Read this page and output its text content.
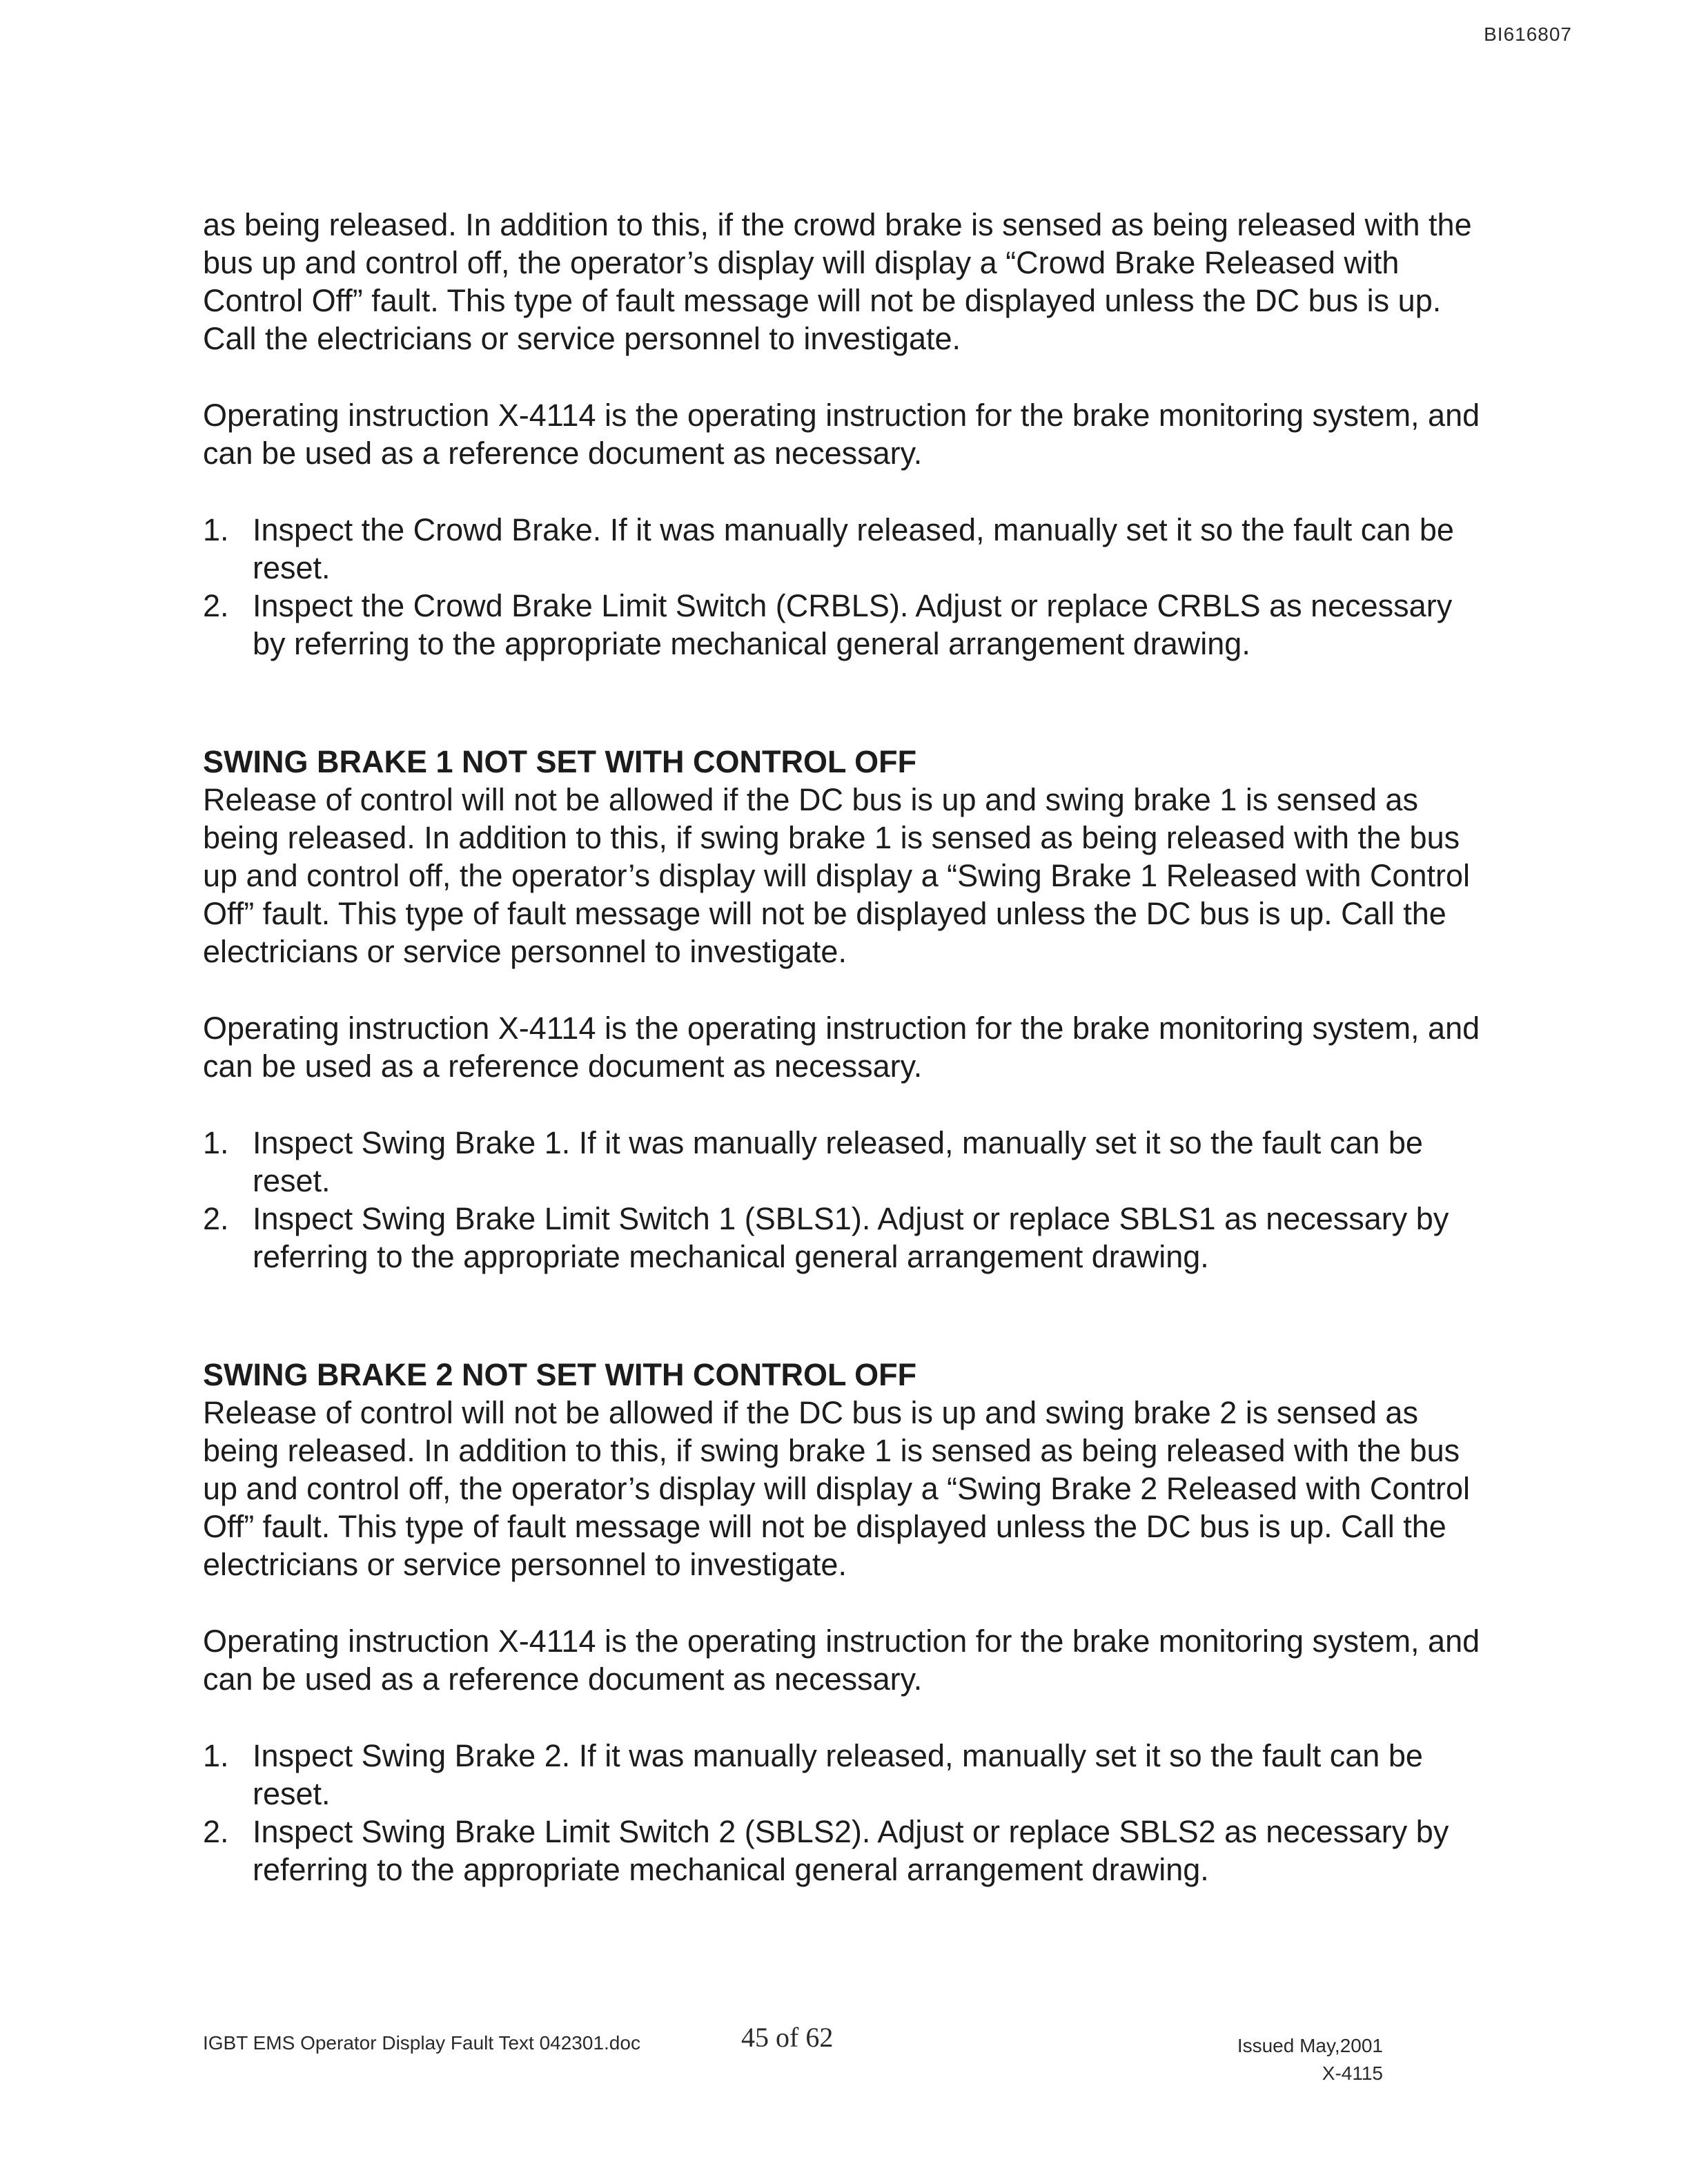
BI616807

as being released. In addition to this, if the crowd brake is sensed as being released with the bus up and control off, the operator’s display will display a “Crowd Brake Released with Control Off” fault. This type of fault message will not be displayed unless the DC bus is up. Call the electricians or service personnel to investigate.

Operating instruction X-4114 is the operating instruction for the brake monitoring system, and can be used as a reference document as necessary.

1. Inspect the Crowd Brake. If it was manually released, manually set it so the fault can be reset.
2. Inspect the Crowd Brake Limit Switch (CRBLS). Adjust or replace CRBLS as necessary by referring to the appropriate mechanical general arrangement drawing.
SWING BRAKE 1 NOT SET WITH CONTROL OFF

Release of control will not be allowed if the DC bus is up and swing brake 1 is sensed as being released. In addition to this, if swing brake 1 is sensed as being released with the bus up and control off, the operator’s display will display a “Swing Brake 1 Released with Control Off” fault. This type of fault message will not be displayed unless the DC bus is up. Call the electricians or service personnel to investigate.

Operating instruction X-4114 is the operating instruction for the brake monitoring system, and can be used as a reference document as necessary.

1. Inspect Swing Brake 1. If it was manually released, manually set it so the fault can be reset.
2. Inspect Swing Brake Limit Switch 1 (SBLS1). Adjust or replace SBLS1 as necessary by referring to the appropriate mechanical general arrangement drawing.
SWING BRAKE 2 NOT SET WITH CONTROL OFF

Release of control will not be allowed if the DC bus is up and swing brake 2 is sensed as being released. In addition to this, if swing brake 1 is sensed as being released with the bus up and control off, the operator’s display will display a “Swing Brake 2 Released with Control Off” fault. This type of fault message will not be displayed unless the DC bus is up. Call the electricians or service personnel to investigate.

Operating instruction X-4114 is the operating instruction for the brake monitoring system, and can be used as a reference document as necessary.

1. Inspect Swing Brake 2. If it was manually released, manually set it so the fault can be reset.
2. Inspect Swing Brake Limit Switch 2 (SBLS2). Adjust or replace SBLS2 as necessary by referring to the appropriate mechanical general arrangement drawing.
IGBT EMS Operator Display Fault Text 042301.doc	45 of 62	Issued May,2001
X-4115
